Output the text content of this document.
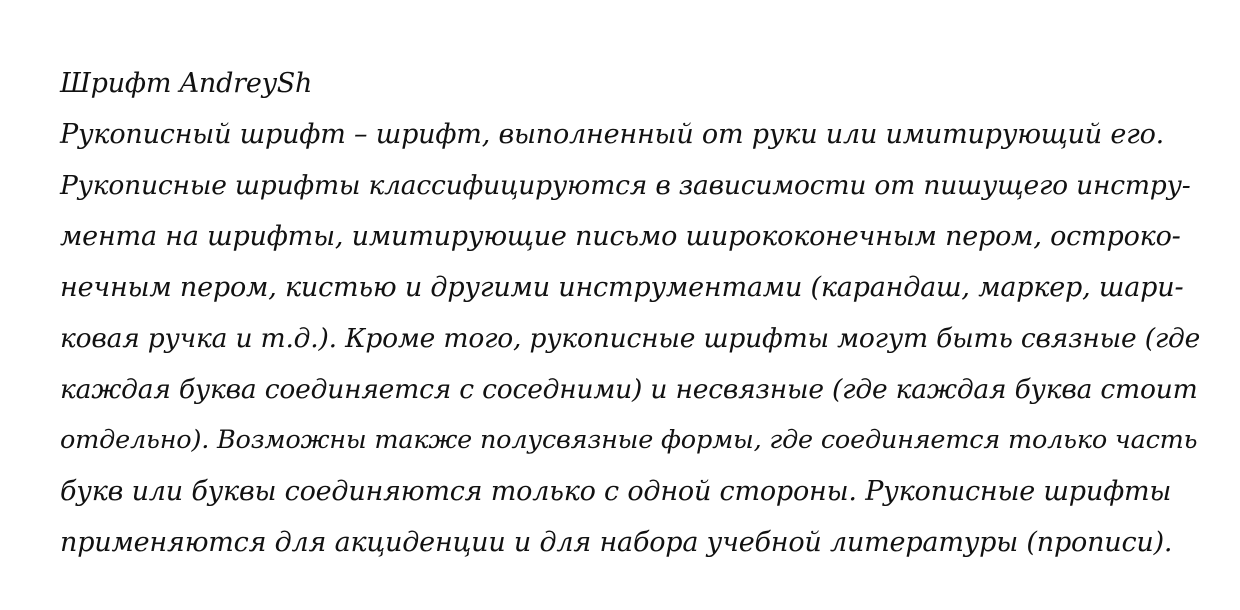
Шрифт AndreySh
Рукописный шрифт – шрифт, выполненный от руки или имитирующий его.
Рукописные шрифты классифицируются в зависимости от пишущего инстру-
мента на шрифты, имитирующие письмо ширококонечным пером, остроко-
нечным пером, кистью и другими инструментами (карандаш, маркер, шари-
ковая ручка и т.д.). Кроме того, рукописные шрифты могут быть связные (где
каждая буква соединяется с соседними) и несвязные (где каждая буква стоит
отдельно). Возможны также полусвязные формы, где соединяется только часть
букв или буквы соединяются только с одной стороны. Рукописные шрифты
применяются для акциденции и для набора учебной литературы (прописи).
